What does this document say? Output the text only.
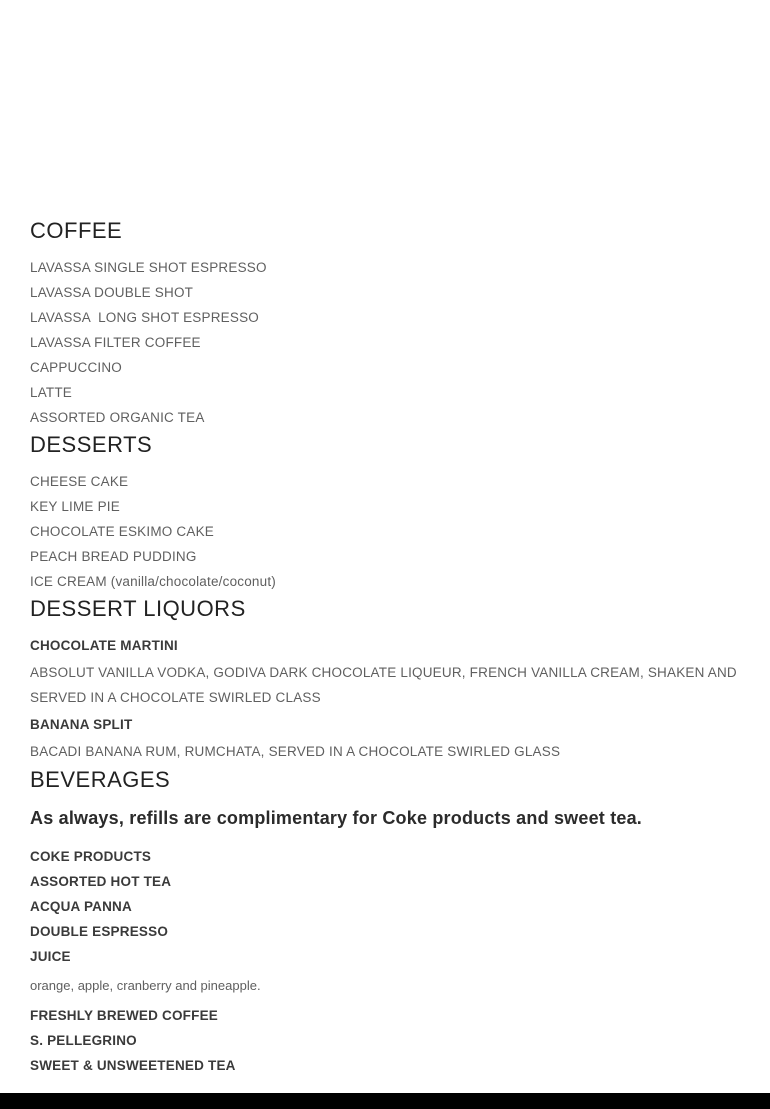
COFFEE
LAVASSA SINGLE SHOT ESPRESSO
LAVASSA DOUBLE SHOT
LAVASSA  LONG SHOT ESPRESSO
LAVASSA FILTER COFFEE
CAPPUCCINO
LATTE
ASSORTED ORGANIC TEA
DESSERTS
CHEESE CAKE
KEY LIME PIE
CHOCOLATE ESKIMO CAKE
PEACH BREAD PUDDING
ICE CREAM (vanilla/chocolate/coconut)
DESSERT LIQUORS
CHOCOLATE MARTINI
ABSOLUT VANILLA VODKA, GODIVA DARK CHOCOLATE LIQUEUR, FRENCH VANILLA CREAM, SHAKEN AND SERVED IN A CHOCOLATE SWIRLED CLASS
BANANA SPLIT
BACADI BANANA RUM, RUMCHATA, SERVED IN A CHOCOLATE SWIRLED GLASS
BEVERAGES

As always, refills are complimentary for Coke products and sweet tea.

COKE PRODUCTS
ASSORTED HOT TEA
ACQUA PANNA
DOUBLE ESPRESSO
JUICE

orange, apple, cranberry and pineapple.

FRESHLY BREWED COFFEE
S. PELLEGRINO
SWEET & UNSWEETENED TEA
